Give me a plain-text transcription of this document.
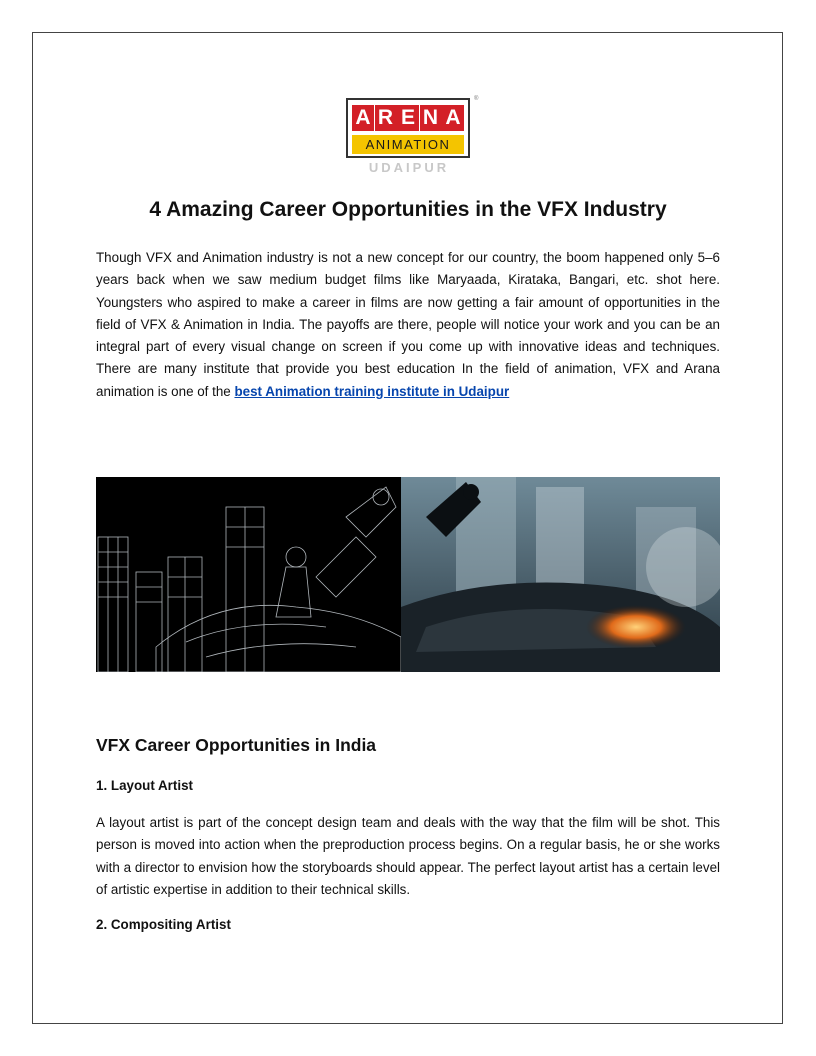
A R E N A
ANIMATION
®
UDAIPUR
4 Amazing Career Opportunities in the VFX Industry

Though VFX and Animation industry is not a new concept for our country, the boom happened only 5–6 years back when we saw medium budget films like Maryaada, Kirataka, Bangari, etc. shot here. Youngsters who aspired to make a career in films are now getting a fair amount of opportunities in the field of VFX & Animation in India. The payoffs are there, people will notice your work and you can be an integral part of every visual change on screen if you come up with innovative ideas and techniques. There are many institute that provide you best education In the field of animation, VFX and Arana animation is one of the best Animation training institute in Udaipur

VFX Career Opportunities in India
1. Layout Artist

A layout artist is part of the concept design team and deals with the way that the film will be shot. This person is moved into action when the preproduction process begins. On a regular basis, he or she works with a director to envision how the storyboards should appear. The perfect layout artist has a certain level of artistic expertise in addition to their technical skills.

2. Compositing Artist
